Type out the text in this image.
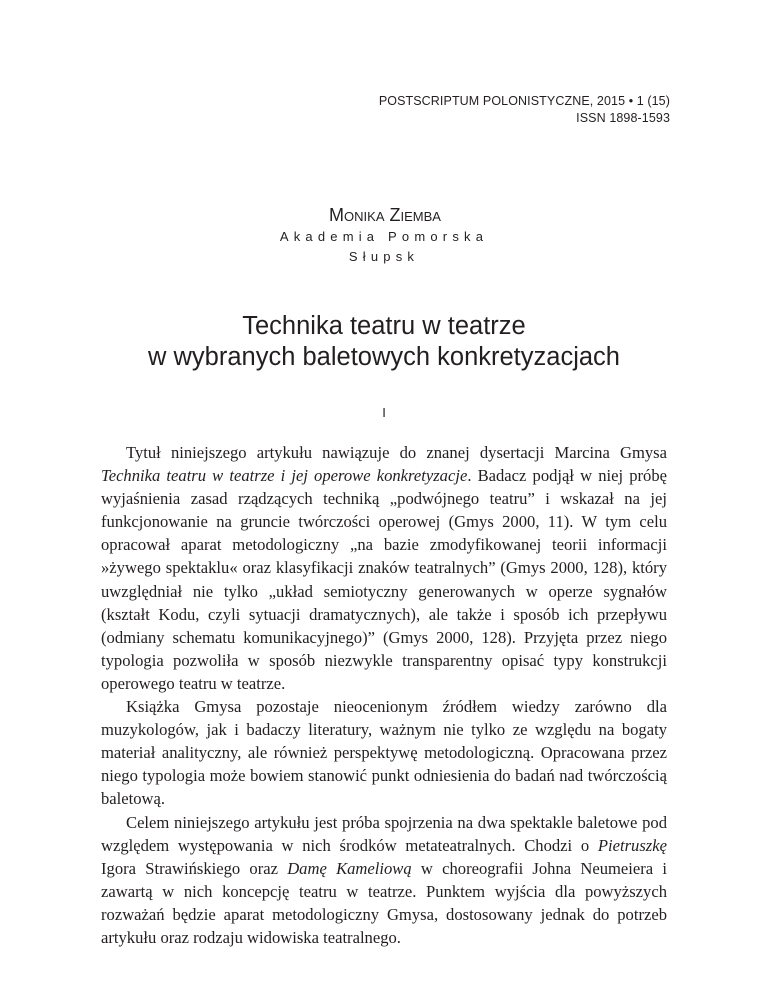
POSTSCRIPTUM POLONISTYCZNE, 2015 • 1 (15)
ISSN 1898-1593
Monika Ziemba
Akademia Pomorska
Słupsk
Technika teatru w teatrze
w wybranych baletowych konkretyzacjach
I

Tytuł niniejszego artykułu nawiązuje do znanej dysertacji Marcina Gmysa Technika teatru w teatrze i jej operowe konkretyzacje. Badacz podjął w niej próbę wyjaśnienia zasad rządzących techniką „podwójnego teatru” i wskazał na jej funkcjonowanie na gruncie twórczości operowej (Gmys 2000, 11). W tym celu opracował aparat metodologiczny „na bazie zmodyfikowanej teorii informacji »żywego spektaklu« oraz klasyfikacji znaków teatralnych” (Gmys 2000, 128), który uwzględniał nie tylko „układ semiotyczny generowanych w operze sygnałów (kształt Kodu, czyli sytuacji dramatycznych), ale także i sposób ich przepływu (odmiany schematu komunikacyjnego)” (Gmys 2000, 128). Przyjęta przez niego typologia pozwoliła w sposób niezwykle transparentny opisać typy konstrukcji operowego teatru w teatrze.

Książka Gmysa pozostaje nieocenionym źródłem wiedzy zarówno dla muzykologów, jak i badaczy literatury, ważnym nie tylko ze względu na bogaty materiał analityczny, ale również perspektywę metodologiczną. Opracowana przez niego typologia może bowiem stanowić punkt odniesienia do badań nad twórczością baletową.

Celem niniejszego artykułu jest próba spojrzenia na dwa spektakle baletowe pod względem występowania w nich środków metateatralnych. Chodzi o Pietruszkę Igora Strawińskiego oraz Damę Kameliową w choreografii Johna Neumeiera i zawartą w nich koncepcję teatru w teatrze. Punktem wyjścia dla powyższych rozważań będzie aparat metodologiczny Gmysa, dostosowany jednak do potrzeb artykułu oraz rodzaju widowiska teatralnego.
